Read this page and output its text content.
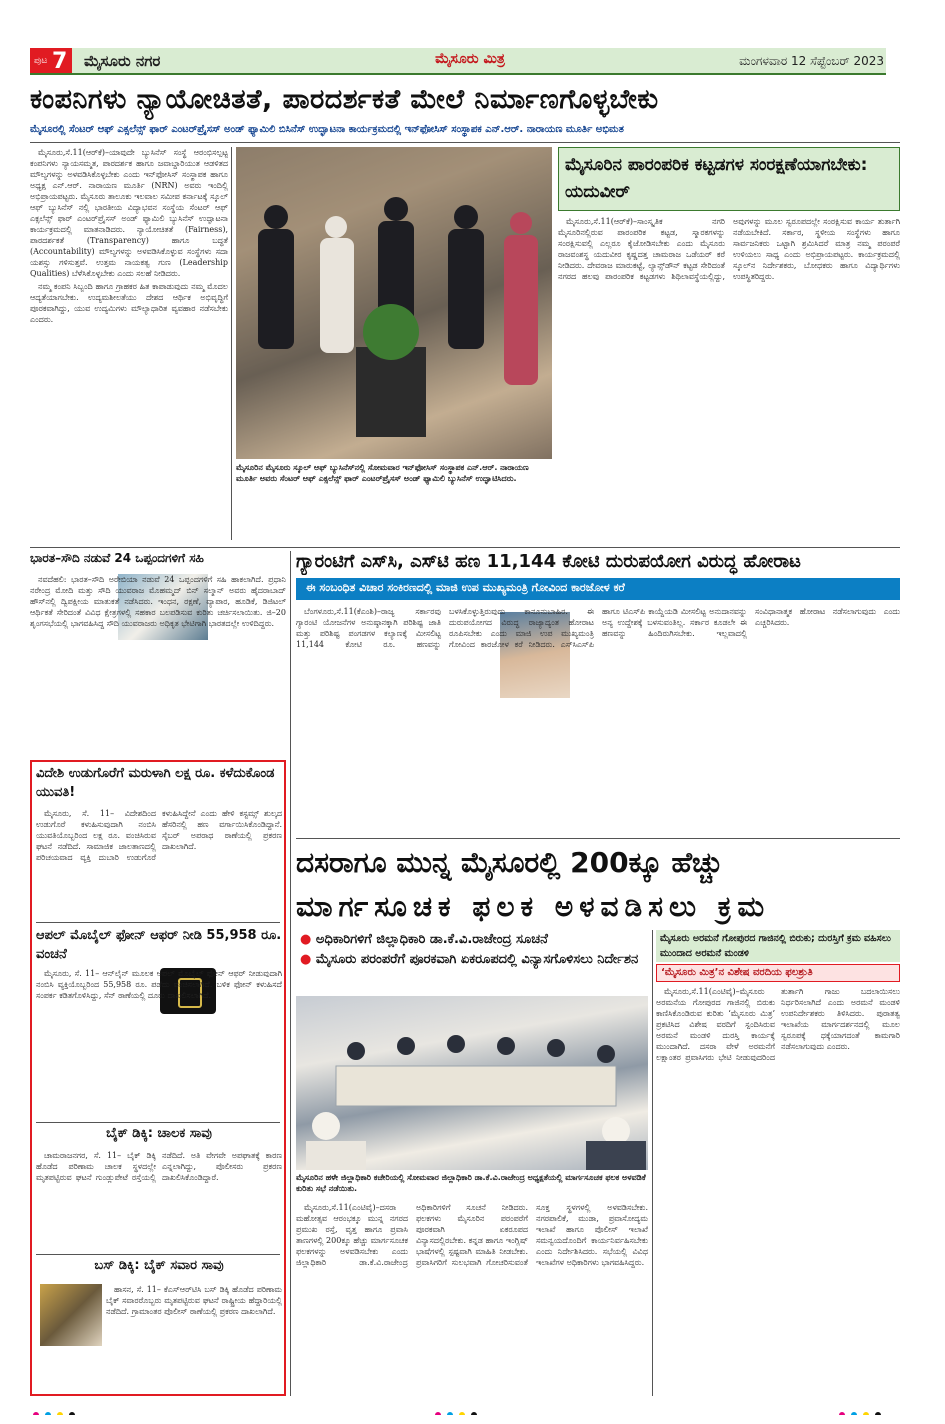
ಪುಟ 7 ಮೈಸೂರು ನಗರ	ಮೈಸೂರು ಮಿತ್ರ	ಮಂಗಳವಾರ 12 ಸೆಪ್ಟೆಂಬರ್ 2023
ಕಂಪನಿಗಳು ನ್ಯಾಯೋಚಿತತೆ, ಪಾರದರ್ಶಕತೆ ಮೇಲೆ ನಿರ್ಮಾಣಗೊಳ್ಳಬೇಕು
ಮೈಸೂರಲ್ಲಿ ಸೆಂಟರ್ ಆಫ್ ಎಕ್ಸಲೆನ್ಸ್ ಫಾರ್ ಎಂಟರ್‌ಪ್ರೈಸಸ್ ಅಂಡ್ ಫ್ಯಾಮಿಲಿ ಬಿಸಿನೆಸ್ ಉದ್ಘಾಟನಾ ಕಾರ್ಯಕ್ರಮದಲ್ಲಿ ಇನ್‌ಫೋಸಿಸ್ ಸಂಸ್ಥಾಪಕ ಎನ್.ಆರ್. ನಾರಾಯಣ ಮೂರ್ತಿ ಅಭಿಮತ

ಮೈಸೂರು,ಸೆ.11(ಆರ್‌ಕೆ)–ಯಾವುದೇ ಬ್ಯುಸಿನೆಸ್ ಸಂಸ್ಥೆ ಆರಂಭಿಸಲ್ಪಟ್ಟ ಕಂಪನಿಗಳು ನ್ಯಾಯಸಮ್ಮತ, ಪಾರದರ್ಶಕ ಹಾಗೂ ಜವಾಬ್ದಾರಿಯುತ ಆಡಳಿತದ ಮೌಲ್ಯಗಳನ್ನು ಅಳವಡಿಸಿಕೊಳ್ಳಬೇಕು ಎಂದು ಇನ್‌ಫೋಸಿಸ್ ಸಂಸ್ಥಾಪಕ ಹಾಗೂ ಅಧ್ಯಕ್ಷ ಎನ್.ಆರ್. ನಾರಾಯಣ ಮೂರ್ತಿ (NRN) ಅವರು ಇಂದಿಲ್ಲಿ ಅಭಿಪ್ರಾಯಪಟ್ಟರು. ಮೈಸೂರು ತಾಲೂಕು ಇಲವಾಲ ಸಮೀಪ ಕರ್ನಾಟಕ್ಕೆ ಸ್ಕೂಲ್ ಆಫ್ ಬ್ಯುಸಿನೆಸ್ ನಲ್ಲಿ ಭಾರತೀಯ ವಿದ್ಯಾಭವನ ಸಂಸ್ಥೆಯ ಸೆಂಟರ್ ಆಫ್ ಎಕ್ಸಲೆನ್ಸ್ ಫಾರ್ ಎಂಟರ್‌ಪ್ರೈಸಸ್ ಅಂಡ್ ಫ್ಯಾಮಿಲಿ ಬ್ಯುಸಿನೆಸ್ ಉದ್ಘಾಟನಾ ಕಾರ್ಯಕ್ರಮದಲ್ಲಿ ಮಾತನಾಡಿದರು. ನ್ಯಾಯೋಚಿತತೆ (Fairness), ಪಾರದರ್ಶಕತೆ (Transparency) ಹಾಗೂ ಬದ್ಧತೆ (Accountability) ಮೌಲ್ಯಗಳನ್ನು ಅಳವಡಿಸಿಕೊಳ್ಳುವ ಸಂಸ್ಥೆಗಳು ಸದಾ ಯಶಸ್ಸು ಗಳಿಸುತ್ತವೆ. ಉತ್ತಮ ನಾಯಕತ್ವ ಗುಣ (Leadership Qualities) ಬೆಳೆಸಿಕೊಳ್ಳಬೇಕು ಎಂದು ಸಲಹೆ ನೀಡಿದರು.

ನಮ್ಮ ಕಂಪನಿ ಸಿಬ್ಬಂದಿ ಹಾಗೂ ಗ್ರಾಹಕರ ಹಿತ ಕಾಪಾಡುವುದು ನಮ್ಮ ಮೊದಲ ಆದ್ಯತೆಯಾಗಬೇಕು. ಉದ್ಯಮಶೀಲತೆಯು ದೇಶದ ಆರ್ಥಿಕ ಅಭಿವೃದ್ಧಿಗೆ ಪೂರಕವಾಗಿದ್ದು, ಯುವ ಉದ್ಯಮಿಗಳು ಮೌಲ್ಯಾಧಾರಿತ ವ್ಯವಹಾರ ನಡೆಸಬೇಕು ಎಂದರು.

ಮೈಸೂರಿನ ಮೈಸೂರು ಸ್ಕೂಲ್ ಆಫ್ ಬ್ಯುಸಿನೆಸ್‌ನಲ್ಲಿ ಸೋಮವಾರ ಇನ್‌ಫೋಸಿಸ್ ಸಂಸ್ಥಾಪಕ ಎನ್.ಆರ್. ನಾರಾಯಣ ಮೂರ್ತಿ ಅವರು ಸೆಂಟರ್ ಆಫ್ ಎಕ್ಸಲೆನ್ಸ್ ಫಾರ್ ಎಂಟರ್‌ಪ್ರೈಸಸ್ ಅಂಡ್ ಫ್ಯಾಮಿಲಿ ಬ್ಯುಸಿನೆಸ್ ಉದ್ಘಾಟಿಸಿದರು.
ಮೈಸೂರಿನ ಪಾರಂಪರಿಕ ಕಟ್ಟಡಗಳ ಸಂರಕ್ಷಣೆಯಾಗಬೇಕು: ಯದುವೀರ್

ಮೈಸೂರು,ಸೆ.11(ಆರ್‌ಕೆ)–ಸಾಂಸ್ಕೃತಿಕ ನಗರಿ ಮೈಸೂರಿನಲ್ಲಿರುವ ಪಾರಂಪರಿಕ ಕಟ್ಟಡ, ಸ್ಮಾರಕಗಳನ್ನು ಸಂರಕ್ಷಿಸುವಲ್ಲಿ ಎಲ್ಲರೂ ಕೈಜೋಡಿಸಬೇಕು ಎಂದು ಮೈಸೂರು ರಾಜವಂಶಸ್ಥ ಯದುವೀರ ಕೃಷ್ಣದತ್ತ ಚಾಮರಾಜ ಒಡೆಯರ್ ಕರೆ ನೀಡಿದರು. ದೇವರಾಜ ಮಾರುಕಟ್ಟೆ, ಲ್ಯಾನ್ಸ್‌ಡೌನ್ ಕಟ್ಟಡ ಸೇರಿದಂತೆ ನಗರದ ಹಲವು ಪಾರಂಪರಿಕ ಕಟ್ಟಡಗಳು ಶಿಥಿಲಾವಸ್ಥೆಯಲ್ಲಿದ್ದು, ಅವುಗಳನ್ನು ಮೂಲ ಸ್ವರೂಪದಲ್ಲೇ ಸಂರಕ್ಷಿಸುವ ಕಾರ್ಯ ತುರ್ತಾಗಿ ನಡೆಯಬೇಕಿದೆ. ಸರ್ಕಾರ, ಸ್ಥಳೀಯ ಸಂಸ್ಥೆಗಳು ಹಾಗೂ ಸಾರ್ವಜನಿಕರು ಒಟ್ಟಾಗಿ ಶ್ರಮಿಸಿದರೆ ಮಾತ್ರ ನಮ್ಮ ಪರಂಪರೆ ಉಳಿಯಲು ಸಾಧ್ಯ ಎಂದು ಅಭಿಪ್ರಾಯಪಟ್ಟರು. ಕಾರ್ಯಕ್ರಮದಲ್ಲಿ ಸ್ಕೂಲ್‌ನ ನಿರ್ದೇಶಕರು, ಬೋಧಕರು ಹಾಗೂ ವಿದ್ಯಾರ್ಥಿಗಳು ಉಪಸ್ಥಿತರಿದ್ದರು.

ಭಾರತ–ಸೌದಿ ನಡುವೆ 24 ಒಪ್ಪಂದಗಳಿಗೆ ಸಹಿ

ನವದೆಹಲಿ: ಭಾರತ–ಸೌದಿ ಅರೇಬಿಯಾ ನಡುವೆ 24 ಒಪ್ಪಂದಗಳಿಗೆ ಸಹಿ ಹಾಕಲಾಗಿದೆ. ಪ್ರಧಾನಿ ನರೇಂದ್ರ ಮೋದಿ ಮತ್ತು ಸೌದಿ ಯುವರಾಜ ಮೊಹಮ್ಮದ್ ಬಿನ್ ಸಲ್ಮಾನ್ ಅವರು ಹೈದರಾಬಾದ್ ಹೌಸ್‌ನಲ್ಲಿ ದ್ವಿಪಕ್ಷೀಯ ಮಾತುಕತೆ ನಡೆಸಿದರು. ಇಂಧನ, ರಕ್ಷಣೆ, ವ್ಯಾಪಾರ, ಹೂಡಿಕೆ, ಡಿಜಿಟಲ್ ಆರ್ಥಿಕತೆ ಸೇರಿದಂತೆ ವಿವಿಧ ಕ್ಷೇತ್ರಗಳಲ್ಲಿ ಸಹಕಾರ ಬಲಪಡಿಸುವ ಕುರಿತು ಚರ್ಚಿಸಲಾಯಿತು. ಜಿ–20 ಶೃಂಗಸಭೆಯಲ್ಲಿ ಭಾಗವಹಿಸಿದ್ದ ಸೌದಿ ಯುವರಾಜರು ಅಧಿಕೃತ ಭೇಟಿಗಾಗಿ ಭಾರತದಲ್ಲೇ ಉಳಿದಿದ್ದರು.

ಗ್ಯಾರಂಟಿಗೆ ಎಸ್‌ಸಿ, ಎಸ್‌ಟಿ ಹಣ 11,144 ಕೋಟಿ ದುರುಪಯೋಗ ವಿರುದ್ಧ ಹೋರಾಟ
ಈ ಸಂಬಂಧಿತ ವಿಚಾರ ಸಂಕಿರಣದಲ್ಲಿ ಮಾಜಿ ಉಪ ಮುಖ್ಯಮಂತ್ರಿ ಗೋವಿಂದ ಕಾರಜೋಳ ಕರೆ

ಬೆಂಗಳೂರು,ಸೆ.11(ಕೆಎಂಶಿ)–ರಾಜ್ಯ ಸರ್ಕಾರವು ಗ್ಯಾರಂಟಿ ಯೋಜನೆಗಳ ಅನುಷ್ಠಾನಕ್ಕಾಗಿ ಪರಿಶಿಷ್ಟ ಜಾತಿ ಮತ್ತು ಪರಿಶಿಷ್ಟ ಪಂಗಡಗಳ ಕಲ್ಯಾಣಕ್ಕೆ ಮೀಸಲಿಟ್ಟ 11,144 ಕೋಟಿ ರೂ. ಹಣವನ್ನು ಬಳಸಿಕೊಳ್ಳುತ್ತಿರುವುದು ಕಾನೂನುಬಾಹಿರ. ಈ ದುರುಪಯೋಗದ ವಿರುದ್ಧ ರಾಜ್ಯಾದ್ಯಂತ ಹೋರಾಟ ರೂಪಿಸಬೇಕು ಎಂದು ಮಾಜಿ ಉಪ ಮುಖ್ಯಮಂತ್ರಿ ಗೋವಿಂದ ಕಾರಜೋಳ ಕರೆ ನೀಡಿದರು. ಎಸ್‌ಸಿಎಸ್‌ಪಿ ಹಾಗೂ ಟಿಎಸ್‌ಪಿ ಕಾಯ್ದೆಯಡಿ ಮೀಸಲಿಟ್ಟ ಅನುದಾನವನ್ನು ಅನ್ಯ ಉದ್ದೇಶಕ್ಕೆ ಬಳಸುವಂತಿಲ್ಲ. ಸರ್ಕಾರ ಕೂಡಲೇ ಈ ಹಣವನ್ನು ಹಿಂದಿರುಗಿಸಬೇಕು. ಇಲ್ಲವಾದಲ್ಲಿ ಸಂವಿಧಾನಾತ್ಮಕ ಹೋರಾಟ ನಡೆಸಲಾಗುವುದು ಎಂದು ಎಚ್ಚರಿಸಿದರು.

ವಿದೇಶಿ ಉಡುಗೊರೆಗೆ ಮರುಳಾಗಿ ಲಕ್ಷ ರೂ. ಕಳೆದುಕೊಂಡ ಯುವತಿ!

ಮೈಸೂರು, ಸೆ. 11– ವಿದೇಶದಿಂದ ಉಡುಗೊರೆ ಕಳುಹಿಸುವುದಾಗಿ ನಂಬಿಸಿ ಯುವತಿಯೊಬ್ಬರಿಂದ ಲಕ್ಷ ರೂ. ವಂಚಿಸಿರುವ ಘಟನೆ ನಡೆದಿದೆ. ಸಾಮಾಜಿಕ ಜಾಲತಾಣದಲ್ಲಿ ಪರಿಚಯವಾದ ವ್ಯಕ್ತಿ ದುಬಾರಿ ಉಡುಗೊರೆ ಕಳುಹಿಸಿದ್ದೇನೆ ಎಂದು ಹೇಳಿ ಕಸ್ಟಮ್ಸ್ ಶುಲ್ಕದ ಹೆಸರಿನಲ್ಲಿ ಹಣ ವರ್ಗಾಯಿಸಿಕೊಂಡಿದ್ದಾನೆ. ಸೈಬರ್ ಅಪರಾಧ ಠಾಣೆಯಲ್ಲಿ ಪ್ರಕರಣ ದಾಖಲಾಗಿದೆ.

ಆಪಲ್ ಮೊಬೈಲ್ ಫೋನ್ ಆಫರ್ ನೀಡಿ 55,958 ರೂ. ವಂಚನೆ

ಮೈಸೂರು, ಸೆ. 11– ಆನ್‌ಲೈನ್ ಮೂಲಕ ಆಪಲ್ ಮೊಬೈಲ್ ಫೋನ್ ಆಫರ್ ನೀಡುವುದಾಗಿ ನಂಬಿಸಿ ವ್ಯಕ್ತಿಯೊಬ್ಬರಿಂದ 55,958 ರೂ. ಪಡೆದು ವಂಚಿಸಲಾಗಿದೆ. ಬಳಿಕ ಫೋನ್ ಕಳುಹಿಸದೆ ಸಂಪರ್ಕ ಕಡಿತಗೊಳಿಸಿದ್ದು, ಸೆನ್ ಠಾಣೆಯಲ್ಲಿ ದೂರು ದಾಖಲಿಸಲಾಗಿದೆ.

ಬೈಕ್ ಡಿಕ್ಕಿ: ಚಾಲಕ ಸಾವು

ಚಾಮರಾಜನಗರ, ಸೆ. 11– ಬೈಕ್ ಡಿಕ್ಕಿ ಹೊಡೆದ ಪರಿಣಾಮ ಚಾಲಕ ಸ್ಥಳದಲ್ಲೇ ಮೃತಪಟ್ಟಿರುವ ಘಟನೆ ಗುಂಡ್ಲುಪೇಟೆ ರಸ್ತೆಯಲ್ಲಿ ನಡೆದಿದೆ. ಅತಿ ವೇಗವೇ ಅಪಘಾತಕ್ಕೆ ಕಾರಣ ಎನ್ನಲಾಗಿದ್ದು, ಪೊಲೀಸರು ಪ್ರಕರಣ ದಾಖಲಿಸಿಕೊಂಡಿದ್ದಾರೆ.

ಬಸ್ ಡಿಕ್ಕಿ: ಬೈಕ್ ಸವಾರ ಸಾವು

ಹಾಸನ, ಸೆ. 11– ಕೆಎಸ್‌ಆರ್‌ಟಿಸಿ ಬಸ್ ಡಿಕ್ಕಿ ಹೊಡೆದ ಪರಿಣಾಮ ಬೈಕ್ ಸವಾರರೊಬ್ಬರು ಮೃತಪಟ್ಟಿರುವ ಘಟನೆ ರಾಷ್ಟ್ರೀಯ ಹೆದ್ದಾರಿಯಲ್ಲಿ ನಡೆದಿದೆ. ಗ್ರಾಮಾಂತರ ಪೊಲೀಸ್ ಠಾಣೆಯಲ್ಲಿ ಪ್ರಕರಣ ದಾಖಲಾಗಿದೆ.

ದಸರಾಗೂ ಮುನ್ನ ಮೈಸೂರಲ್ಲಿ 200ಕ್ಕೂ ಹೆಚ್ಚು
ಮಾರ್ಗಸೂಚಕ ಫಲಕ ಅಳವಡಿಸಲು ಕ್ರಮ
● ಅಧಿಕಾರಿಗಳಿಗೆ ಜಿಲ್ಲಾಧಿಕಾರಿ ಡಾ.ಕೆ.ವಿ.ರಾಜೇಂದ್ರ ಸೂಚನೆ
● ಮೈಸೂರು ಪರಂಪರೆಗೆ ಪೂರಕವಾಗಿ ಏಕರೂಪದಲ್ಲಿ ವಿನ್ಯಾಸಗೊಳಿಸಲು ನಿರ್ದೇಶನ
ಮೈಸೂರಿನ ಹಳೇ ಜಿಲ್ಲಾಧಿಕಾರಿ ಕಚೇರಿಯಲ್ಲಿ ಸೋಮವಾರ ಜಿಲ್ಲಾಧಿಕಾರಿ ಡಾ.ಕೆ.ವಿ.ರಾಜೇಂದ್ರ ಅಧ್ಯಕ್ಷತೆಯಲ್ಲಿ ಮಾರ್ಗಸೂಚಕ ಫಲಕ ಅಳವಡಿಕೆ ಕುರಿತು ಸಭೆ ನಡೆಯಿತು.

ಮೈಸೂರು,ಸೆ.11(ಎಂಟಿವೈ)–ದಸರಾ ಮಹೋತ್ಸವ ಆರಂಭಕ್ಕೂ ಮುನ್ನ ನಗರದ ಪ್ರಮುಖ ರಸ್ತೆ, ವೃತ್ತ ಹಾಗೂ ಪ್ರವಾಸಿ ತಾಣಗಳಲ್ಲಿ 200ಕ್ಕೂ ಹೆಚ್ಚು ಮಾರ್ಗಸೂಚಕ ಫಲಕಗಳನ್ನು ಅಳವಡಿಸಬೇಕು ಎಂದು ಜಿಲ್ಲಾಧಿಕಾರಿ ಡಾ.ಕೆ.ವಿ.ರಾಜೇಂದ್ರ ಅಧಿಕಾರಿಗಳಿಗೆ ಸೂಚನೆ ನೀಡಿದರು. ಫಲಕಗಳು ಮೈಸೂರಿನ ಪರಂಪರೆಗೆ ಪೂರಕವಾಗಿ ಏಕರೂಪದ ವಿನ್ಯಾಸದಲ್ಲಿರಬೇಕು. ಕನ್ನಡ ಹಾಗೂ ಇಂಗ್ಲಿಷ್ ಭಾಷೆಗಳಲ್ಲಿ ಸ್ಪಷ್ಟವಾಗಿ ಮಾಹಿತಿ ನೀಡಬೇಕು. ಪ್ರವಾಸಿಗರಿಗೆ ಸುಲಭವಾಗಿ ಗೋಚರಿಸುವಂತೆ ಸೂಕ್ತ ಸ್ಥಳಗಳಲ್ಲಿ ಅಳವಡಿಸಬೇಕು. ನಗರಪಾಲಿಕೆ, ಮುಡಾ, ಪ್ರವಾಸೋದ್ಯಮ ಇಲಾಖೆ ಹಾಗೂ ಪೊಲೀಸ್ ಇಲಾಖೆ ಸಮನ್ವಯದೊಂದಿಗೆ ಕಾರ್ಯನಿರ್ವಹಿಸಬೇಕು ಎಂದು ನಿರ್ದೇಶಿಸಿದರು. ಸಭೆಯಲ್ಲಿ ವಿವಿಧ ಇಲಾಖೆಗಳ ಅಧಿಕಾರಿಗಳು ಭಾಗವಹಿಸಿದ್ದರು.

ಮೈಸೂರು ಅರಮನೆ ಗೋಪುರದ ಗಾಜಿನಲ್ಲಿ ಬಿರುಕು; ದುರಸ್ತಿಗೆ ಕ್ರಮ ವಹಿಸಲು ಮುಂದಾದ ಅರಮನೆ ಮಂಡಳಿ
‘ಮೈಸೂರು ಮಿತ್ರ’ನ ವಿಶೇಷ ವರದಿಯ ಫಲಶ್ರುತಿ

ಮೈಸೂರು,ಸೆ.11(ಎಂಟಿವೈ)–ಮೈಸೂರು ಅರಮನೆಯ ಗೋಪುರದ ಗಾಜಿನಲ್ಲಿ ಬಿರುಕು ಕಾಣಿಸಿಕೊಂಡಿರುವ ಕುರಿತು ‘ಮೈಸೂರು ಮಿತ್ರ’ ಪ್ರಕಟಿಸಿದ ವಿಶೇಷ ವರದಿಗೆ ಸ್ಪಂದಿಸಿರುವ ಅರಮನೆ ಮಂಡಳಿ ದುರಸ್ತಿ ಕಾರ್ಯಕ್ಕೆ ಮುಂದಾಗಿದೆ. ದಸರಾ ವೇಳೆ ಅರಮನೆಗೆ ಲಕ್ಷಾಂತರ ಪ್ರವಾಸಿಗರು ಭೇಟಿ ನೀಡುವುದರಿಂದ ತುರ್ತಾಗಿ ಗಾಜು ಬದಲಾಯಿಸಲು ನಿರ್ಧರಿಸಲಾಗಿದೆ ಎಂದು ಅರಮನೆ ಮಂಡಳಿ ಉಪನಿರ್ದೇಶಕರು ತಿಳಿಸಿದರು. ಪುರಾತತ್ವ ಇಲಾಖೆಯ ಮಾರ್ಗದರ್ಶನದಲ್ಲಿ ಮೂಲ ಸ್ವರೂಪಕ್ಕೆ ಧಕ್ಕೆಯಾಗದಂತೆ ಕಾಮಗಾರಿ ನಡೆಸಲಾಗುವುದು ಎಂದರು.
